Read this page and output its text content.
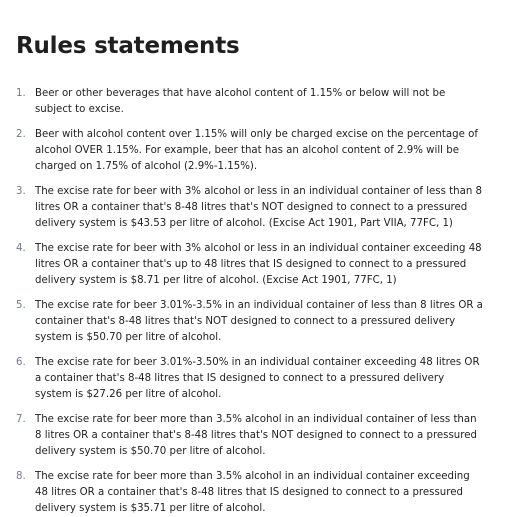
Rules statements
1. Beer or other beverages that have alcohol content of 1.15% or below will not be subject to excise.
2. Beer with alcohol content over 1.15% will only be charged excise on the percentage of alcohol OVER 1.15%. For example, beer that has an alcohol content of 2.9% will be charged on 1.75% of alcohol (2.9%-1.15%).
3. The excise rate for beer with 3% alcohol or less in an individual container of less than 8 litres OR a container that's 8-48 litres that's NOT designed to connect to a pressured delivery system is $43.53 per litre of alcohol. (Excise Act 1901, Part VIIA, 77FC, 1)
4. The excise rate for beer with 3% alcohol or less in an individual container exceeding 48 litres OR a container that's up to 48 litres that IS designed to connect to a pressured delivery system is $8.71 per litre of alcohol. (Excise Act 1901, 77FC, 1)
5. The excise rate for beer 3.01%-3.5% in an individual container of less than 8 litres OR a container that's 8-48 litres that's NOT designed to connect to a pressured delivery system is $50.70 per litre of alcohol.
6. The excise rate for beer 3.01%-3.50% in an individual container exceeding 48 litres OR a container that's 8-48 litres that IS designed to connect to a pressured delivery system is $27.26 per litre of alcohol.
7. The excise rate for beer more than 3.5% alcohol in an individual container of less than 8 litres OR a container that's 8-48 litres that's NOT designed to connect to a pressured delivery system is $50.70 per litre of alcohol.
8. The excise rate for beer more than 3.5% alcohol in an individual container exceeding 48 litres OR a container that's 8-48 litres that IS designed to connect to a pressured delivery system is $35.71 per litre of alcohol.
